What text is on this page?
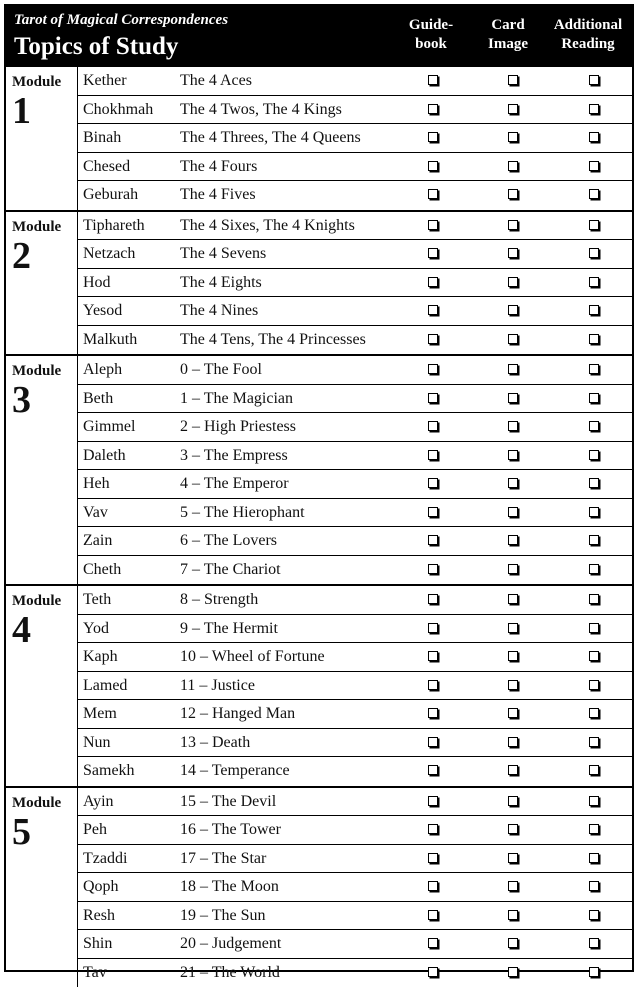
Tarot of Magical Correspondences
Topics of Study
Guide-
book
Card
Image
Additional
Reading
Module
1
Kether	The 4 Aces
Chokhmah The 4 Twos, The 4 Kings
Binah	The 4 Threes, The 4 Queens
Chesed	The 4 Fours
Geburah	The 4 Fives
Module
2
Tiphareth The 4 Sixes, The 4 Knights
Netzach	The 4 Sevens
Hod	The 4 Eights
Yesod	The 4 Nines
Malkuth	The 4 Tens, The 4 Princesses
Module
3
Aleph	0 – The Fool
Beth	1 – The Magician
Gimmel	2 – High Priestess
Daleth	3 – The Empress
Heh	4 – The Emperor
Vav	5 – The Hierophant
Zain	6 – The Lovers
Cheth	7 – The Chariot
Module
4
Teth	8 – Strength
Yod	9 – The Hermit
Kaph	10 – Wheel of Fortune
Lamed	11 – Justice
Mem	12 – Hanged Man
Nun	13 – Death
Samekh	14 – Temperance
Module
5
Ayin	15 – The Devil
Peh	16 – The Tower
Tzaddi	17 – The Star
Qoph	18 – The Moon
Resh	19 – The Sun
Shin	20 – Judgement
Tav	21 – The World
